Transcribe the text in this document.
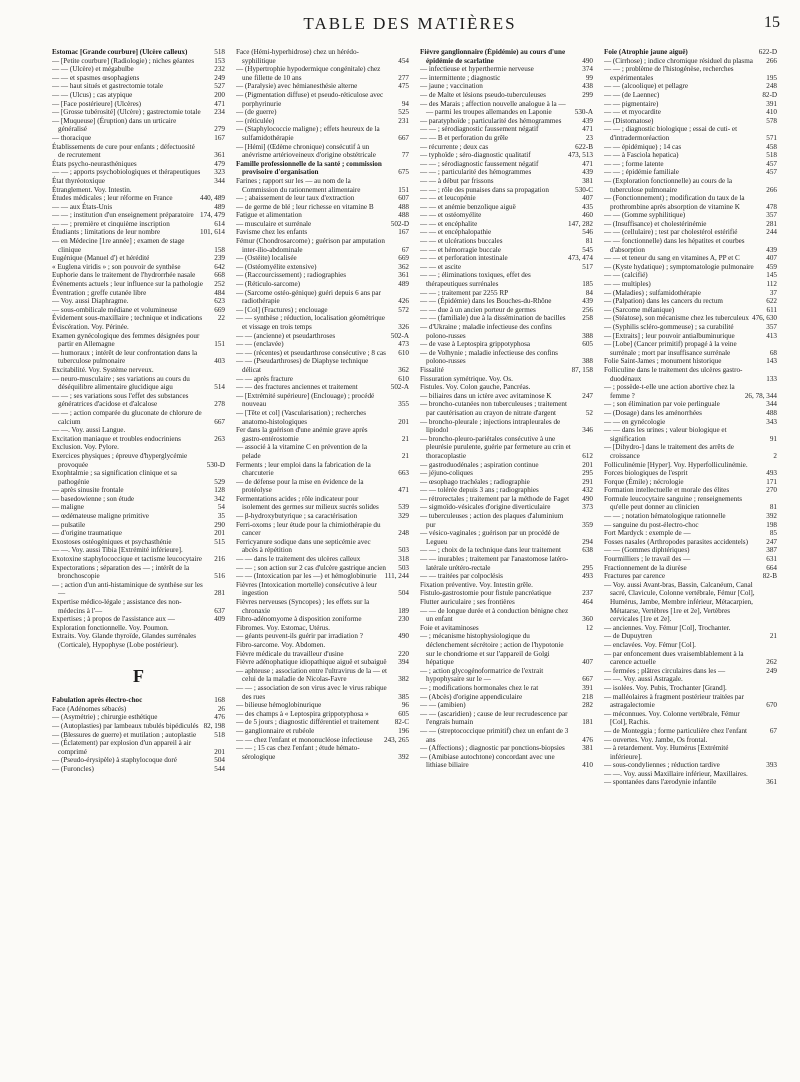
TABLE DES MATIÈRES	15
Estomac [Grande courbure] (Ulcère calleux)	518
— [Petite courbure] (Radiologie) ; niches géantes	153
— — (Ulcère) et mégabulbe	232
— — et spasmes œsophagiens	249
— — haut situés et gastrectomie totale	527
— — (Ulcus) ; cas atypique	200
— [Face postérieure] (Ulcères)	471
— [Grosse tubérosité] (Ulcère) ; gastrectomie totale 234
— [Muqueuse] (Éruption) dans un urticaire généralisé	279
— thoracique	167
Établissements de cure pour enfants ; défectuosité de recrutement	361
États psycho-neurasthéniques	479
— — ; apports psychobiologiques et thérapeutiques 323
État thyréotoxique	344
Étranglement. Voy. Intestin.
Études médicales ; leur réforme en France	440, 489
— — aux États-Unis	489
— — ; institution d'un enseignement préparatoire 174, 479
— — ; première et cinquième inscription	614
Étudiants ; limitations de leur nombre	101, 614
— en Médecine [1re année] ; examen de stage clinique	158
Eugénique (Manuel d') et hérédité	239
« Euglena viridis » ; son pouvoir de synthèse	642
Euphorie dans le traitement de l'hydrorrhée nasale	668
Événements actuels ; leur influence sur la pathologie 252
Éventration ; greffe cutanée libre	484
— Voy. aussi Diaphragme.	623
— sous-ombilicale médiane et volumineuse	669
Évidement sous-maxillaire ; technique et indications 22
Éviscération. Voy. Périnée.
Examen gynécologique des femmes désignées pour partir en Allemagne	151
— humoraux ; intérêt de leur confrontation dans la tuberculose pulmonaire	403
Excitabilité. Voy. Système nerveux.
— neuro-musculaire ; ses variations au cours du déséquilibre alimentaire glucidique aigu	514
— — ; ses variations sous l'effet des substances génératrices d'acidose et d'alcalose	278
— — ; action comparée du gluconate de chlorure de calcium	667
— —. Voy. aussi Langue.
Excitation maniaque et troubles endocriniens	263
Exclusion. Voy. Pylore.
Exercices physiques ; épreuve d'hyperglycémie provoquée	530-D
Exophtalmie ; sa signification clinique et sa pathogénie	529
— après sinusite frontale	128
— basedowienne ; son étude	342
— maligne	54
— œdémateuse maligne primitive	35
— pulsatile	290
— d'origine traumatique	201
Exostoses ostéogéniques et psychasthénie	515
— —. Voy. aussi Tibia [Extrémité inférieure].
Exotoxine staphylococcique et tactisme leucocytaire 216
Expectorations ; séparation des — ; intérêt de la bronchoscopie	516
— ; action d'un anti-histaminique de synthèse sur les —	281
Expertise médico-légale ; assistance des non-médecins à l'—	637
Expertises ; à propos de l'assistance aux —	409
Exploration fonctionnelle. Voy. Poumon.
Extraits. Voy. Glande thyroïde, Glandes surrénales (Corticale), Hypophyse (Lobe postérieur).
F
Fabulation après électro-choc	168
Face (Adénomes sébacés)	26
— (Asymétrie) ; chirurgie esthétique	476
— (Autoplasties) par lambeaux tubulés bipédiculés 82, 198
— (Blessures de guerre) et mutilation ; autoplastie	518
— (Éclatement) par explosion d'un appareil à air comprimé	201
— (Pseudo-érysipèle) à staphylocoque doré	504
— (Furoncles)	544
Face (Hémi-hyperhidrose) chez un hérédo-syphilitique	454
— (Hypertrophie hypodermique congénitale) chez une fillette de 10 ans	277
— (Paralysie) avec hémianesthésie alterne	475
— (Pigmentation diffuse) et pseudo-réticulose avec porphyrinurie	94
— (de guerre)	525
— (réticulée)	231
— (Staphylococcie maligne) ; effets heureux de la sulfamidothérapie	667
— [Hémi] (Œdème chronique) consécutif à un anévrisme artérioveineux d'origine obstétricale	77
Famille professionnelle de la santé ; commission provisoire d'organisation	675
Farines ; rapport sur les — au nom de la Commission du rationnement alimentaire	151
— ; abaissement de leur taux d'extraction	607
— de germe de blé ; leur richesse en vitamine B	488
Fatigue et alimentation	488
— musculaire et surrénale	502-D
Favisme chez les enfants	167
Fémur (Chondrosarcome) ; guérison par amputation inter-ilio-abdominale	67
— (Ostéite) localisée	669
— (Ostéomyélite extensive)	362
— (Raccourcissement) ; radiographies	361
— (Réticulo-sarcome)	489
— (Sarcome ostéo-génique) guéri depuis 6 ans par radiothérapie	426
— [Col] (Fractures) ; enclouage	572
— — synthèse ; réduction, localisation géométrique et vissage en trois temps	326
— — (ancienne) et pseudarthroses	502-A
— — (enclavée)	473
— — (récentes) et pseudarthrose consécutive ; 8 cas 610
— — (Pseudarthroses) de Diaphyse technique délicat	362
— — après fracture	610
— — des fractures anciennes et traitement	502-A
— [Extrémité supérieure] (Enclouage) ; procédé nouveau	355
— [Tête et col] (Vascularisation) ; recherches anatomo-histologiques	201
Fer dans la guérison d'une anémie grave après gastro-entérostomie	21
— associé à la vitamine C en prévention de la pelade	21
Ferments ; leur emploi dans la fabrication de la charcuterie	663
— de défense pour la mise en évidence de la protéolyse	471
Fermentations acides ; rôle indicateur pour isolement des germes sur milieux sucrés solides	539
— β-hydroxybutyrique ; sa caractérisation	329
Ferri-oxoms ; leur étude pour la chimiothérapie du cancer	248
Ferricyanure sodique dans une septicémie avec abcès à répétition	503
— — dans le traitement des ulcères calleux	318
— — ; son action sur 2 cas d'ulcère gastrique ancien 503
— — (Intoxication par les —) et hémoglobinurie 111, 244
Fièvres (Intoxication mortelle) consécutive à leur ingestion	504
Fièvres nerveuses (Syncopes) ; les effets sur la chronaxie	189
Fibro-adénomyome à disposition zoniforme	230
Fibromes. Voy. Estomac, Utérus.
— géants peuvent-ils guérir par irradiation ?	490
Fibro-sarcome. Voy. Abdomen.
Fièvre médicale du travailleur d'usine	220
Fièvre adénophatique idiopathique aiguë et subaiguë 394
— aphteuse ; association entre l'ultravirus de la — et celui de la maladie de Nicolas-Favre	382
— — ; association de son virus avec le virus rabique des rues	385
— bilieuse hémoglobinurique	96
— des champs à « Leptospira grippotyphosa »	605
— de 5 jours ; diagnostic différentiel et traitement 82-C
— ganglionnaire et rubéole	196
— — chez l'enfant et mononucléose infectieuse 243, 265
— — ; 15 cas chez l'enfant ; étude hémato-sérologique	392
Fièvre ganglionnaire (Épidémie) au cours d'une épidémie de scarlatine	490
— infectieuse et hyperthermie nerveuse	374
— intermittente ; diagnostic	99
— jaune ; vaccination	438
— de Malte et lésions pseudo-tuberculeuses	299
— des Marais ; affection nouvelle analogue à la — — parmi les troupes allemandes en Laponie	530-A
— paratyphoïde ; particularité des hémogrammes	439
— — ; sérodiagnostic faussement négatif	471
— — B et perforation du grêle	23
— récurrente ; deux cas	622-B
— typhoïde ; séro-diagnostic qualitatif	473, 513
— — ; sérodiagnostic faussement négatif	471
— — ; particularité des hémogrammes	439
— — à début par frissons	381
— — ; rôle des punaises dans sa propagation	530-C
— — et leucopénie	407
— — et anémie benzolique aiguë	435
— — et ostéomyélite	460
— — et encéphalite	147, 282
— — et encéphalopathie	546
— — et ulcérations buccales	81
— — et hémorragie buccale	545
— — et perforation intestinale	473, 474
— — et ascite	517
— — ; éliminations toxiques, effet des thérapeutiques surrénales	185
— — ; traitement par 2255 RP	84
— — (Épidémie) dans les Bouches-du-Rhône	439
— — due à un ancien porteur de germes	256
— — (familiale) due à la dissémination de bacilles 258
— d'Ukraine ; maladie infectieuse des confins polono-russes	388
— de vase à Leptospira grippotyphosa	605
— de Volhynie ; maladie infectieuse des confins polono-russes	388
Fissalité	87, 158
Fissuration symétrique. Voy. Os.
Fistules. Voy. Colon gauche, Pancréas.
— biliaires dans un ictère avec avitaminose K	247
— broncho-cutanées non tuberculeuses ; traitement par cautérisation au crayon de nitrate d'argent	52
— broncho-pleurale ; injections intrapleurales de lipiodol	346
— broncho-pleuro-pariétales consécutive à une pleurésie purulente, guérie par fermeture au crin et thoracoplastie	612
— gastroduodénales ; aspiration continue	201
— jéjuno-coliques	295
— œsophago trachéales ; radiographie	291
— — tolérée depuis 3 ans ; radiographies	432
— rétrorectales ; traitement par la méthode de Faget 490
— sigmoïdo-vésicales d'origine diverticulaire	373
— tuberculeuses ; action des plaques d'aluminium pur	359
— vésico-vaginales ; guérison par un procédé de Legueu	294
— — ; choix de la technique dans leur traitement	638
— — inurables ; traitement par l'anastomose latéro-latérale urétéro-rectale	295
— — traitées par colpoclésis	493
Fixation préventive. Voy. Intestin grêle.
Fistulo-gastrostomie pour fistule pancréatique	237
Flutter auriculaire ; ses frontières	464
— — de longue durée et à conduction bénigne chez un enfant	360
Foie et avitaminoses	12
— ; mécanisme histophysiologique du déclenchement sécrétoire ; action de l'hypotonie sur le chondriome et sur l'appareil de Golgi hépatique	407
— ; action glycogénoformatrice de l'extrait hypophysaire sur le —	667
— ; modifications hormonales chez le rat	391
— (Abcès) d'origine appendiculaire	218
— — (amibien)	282
— — (ascaridien) ; cause de leur recrudescence par l'engrais humain	181
— — (streptococcique primitif) chez un enfant de 3 ans	476
— (Affections) ; diagnostic par ponctions-biopsies 381
— (Amibiase autochtone) concordant avec une lithiase biliaire	410
Foie (Atrophie jaune aiguë)	622-D
— (Cirrhose) ; indice chromique résiduel du plasma 266
— — ; problème de l'histogénèse, recherches expérimentales	195
— — (alcoolique) et pellagre	248
— — (de Laennec)	82-D
— — pigmentaire)	391
— — et myocardite	410
— (Distomatose)	578
— — ; diagnostic biologique ; essai de cuti- et d'intradermoréaction	571
— — épidémique) ; 14 cas	458
— — à Fasciola hepatica)	518
— — ; forme latente	457
— — ; épidémie familiale	457
— (Exploration fonctionnelle) au cours de la tuberculose pulmonaire	266
— (Fonctionnement) ; modification du taux de la prothrombine après absorption de vitamine K	478
— — (Gomme syphilitique)	357
— (Insuffisance) et cholestérinémie	281
— — (cellulaire) ; test par cholestérol estérifié	244
— — fonctionnelle) dans les hépatites et courbes d'absorption	439
— — et teneur du sang en vitamines A, PP et C	407
— (Kyste hydatique) ; symptomatologie pulmonaire 459
— — (calcifié)	145
— — multiples)	112
— (Maladies) ; sulfamidothérapie	37
— (Palpation) dans les cancers du rectum	622
— (Sarcome mélanique)	611
— (Stéatose), son mécanisme chez les tuberculeux 476, 630
— (Syphilis scléro-gommeuse) ; sa curabilité	357
— [Extraits] ; leur pouvoir antialbuminurique	413
— [Lobe] (Cancer primitif) propagé à la veine surrénale ; mort par insuffisance surrénale	68
Folie Saint-James ; monument historique	143
Folliculine dans le traitement des ulcères gastro-duodénaux	133
— ; possède-t-elle une action abortive chez la femme ?	26, 78, 344
— ; son élimination par voie perlinguale	344
— (Dosage) dans les aménorrhées	488
— — en gynécologie	343
— — dans les urines ; valeur biologique et signification	91
— [Dihydro-] dans le traitement des arrêts de croissance	2
Folliculinémie [Hyper]. Voy. Hyperfolliculinémie.
Forces biologiques de l'esprit	493
Forque (Émile) ; nécrologie	171
Formation intellectuelle et morale des élites	270
Formule leucocytaire sanguine ; renseignements qu'elle peut donner au clinicien	81
— — ; notation hématologique rationnelle	392
— sanguine du post-électro-choc	198
Fort Mardyck : exemple de —	85
Fosses nasales (Arthropodes parasites accidentels)	247
— — (Gommes diphtériques)	387
Fourmilliers ; le travail des —	631
Fractionnement de la diurèse	664
Fractures par carence	82-B
— Voy. aussi Avant-bras, Bassin, Calcanéum, Canal sacré, Clavicule, Colonne vertébrale, Fémur [Col], Humérus, Jambe, Membre inférieur, Métacarpien, Métatarse, Vertèbres [1re et 2e], Vertèbres cervicales [1re et 2e].
— anciennes. Voy. Fémur [Col], Trochanter.
— de Dupuytren	21
— enclavées. Voy. Fémur [Col].
— par enfoncement dues vraisemblablement à la carence actuelle	262
— fermées ; plâtres circulaires dans les —	249
— —. Voy. aussi Astragale.
— isolées. Voy. Pubis, Trochanter [Grand].
— malléolaires à fragment postérieur traitées par astragalectomie	670
— méconnues. Voy. Colonne vertébrale, Fémur [Col], Rachis.
— de Monteggia ; forme particulière chez l'enfant	67
— ouvertes. Voy. Jambe, Os frontal.
— à retardement. Voy. Humérus [Extrémité inférieure].
— sous-condyliennes ; réduction tardive	393
— —. Voy. aussi Maxillaire inférieur, Maxillaires.
— spontanées dans l'ærodynie infantile	361
